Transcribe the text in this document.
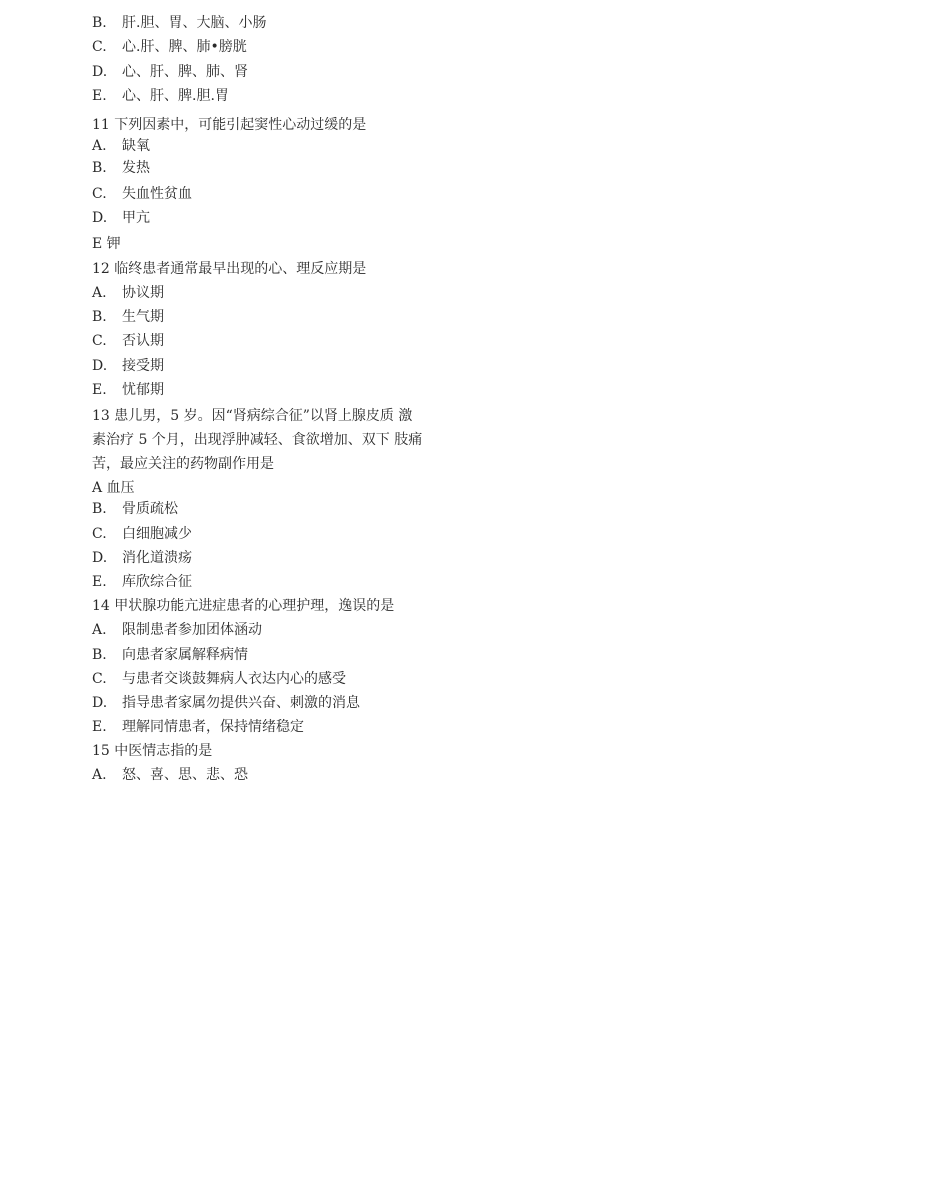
B. 肝.胆、胃、大脑、小肠
C. 心.肝、脾、肺•膀胱
D. 心、肝、脾、肺、肾
E. 心、肝、脾.胆.胃
11 下列因素中，可能引起窦性心动过缓的是
A. 缺氧
B. 发热
C. 失血性贫血
D. 甲亢
E 钾
12 临终患者通常最早出现的心、理反应期是
A. 协议期
B. 生气期
C. 否认期
D. 接受期
E. 忧郁期
13 患儿男，5 岁。因“肾病综合征”以肾上腺皮质 激
素治疗 5 个月，出现浮肿减轻、食欲增加、双下 肢痛
苦，最应关注的药物副作用是
A 血压
B. 骨质疏松
C. 白细胞减少
D. 消化道溃疡
E. 库欣综合征
14 甲状腺功能亢进症患者的心理护理，逸误的是
A. 限制患者参加团体涵动
B. 向患者家属解释病情
C. 与患者交谈鼓舞病人衣达内心的感受
D. 指导患者家属勿提供兴奋、刺激的消息
E. 理解同情患者，保持情绪稳定
15 中医情志指的是
A. 怒、喜、思、悲、恐
